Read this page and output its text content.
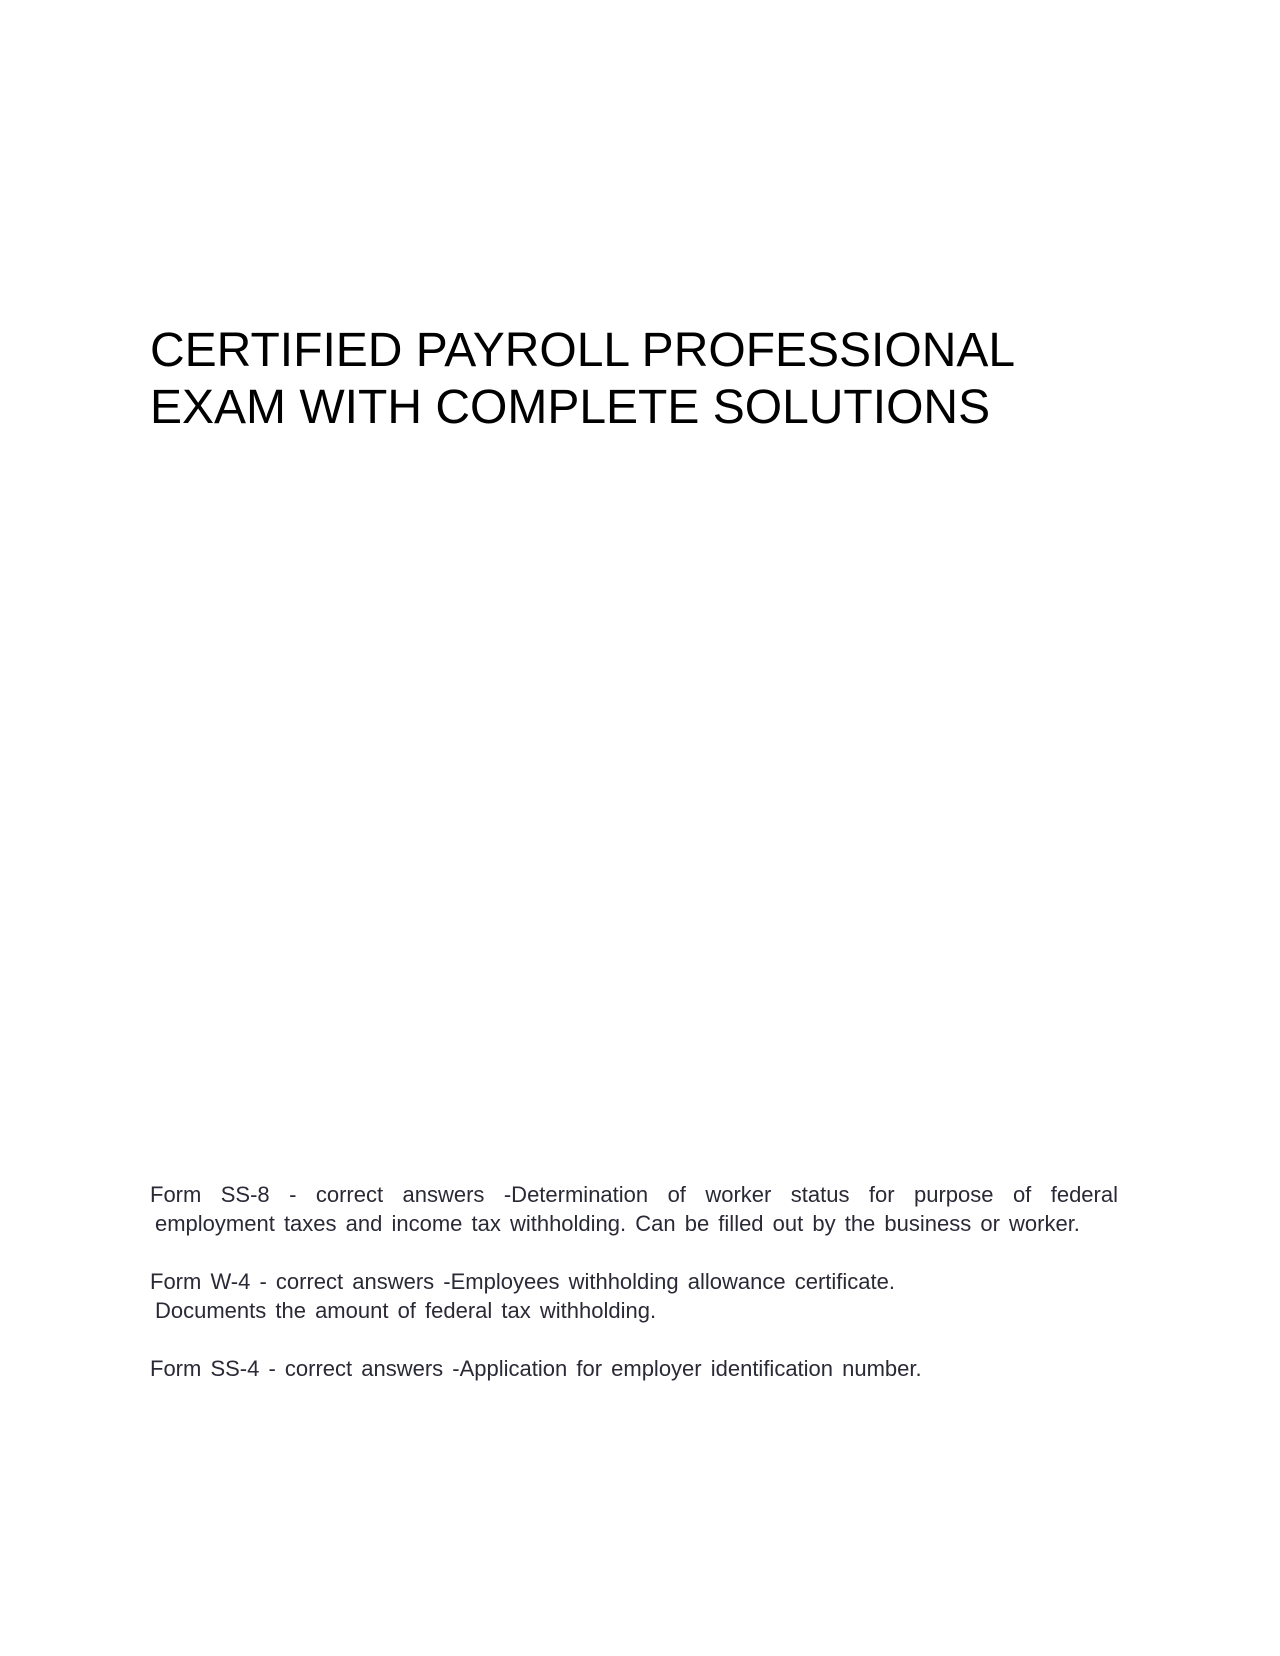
CERTIFIED PAYROLL PROFESSIONAL
EXAM WITH COMPLETE SOLUTIONS
Form SS-8 - correct answers -Determination of worker status for purpose of federal employment taxes and income tax withholding. Can be filled out by the business or worker.
Form W-4 - correct answers -Employees withholding allowance certificate.
Documents the amount of federal tax withholding.
Form SS-4 - correct answers -Application for employer identification number.
